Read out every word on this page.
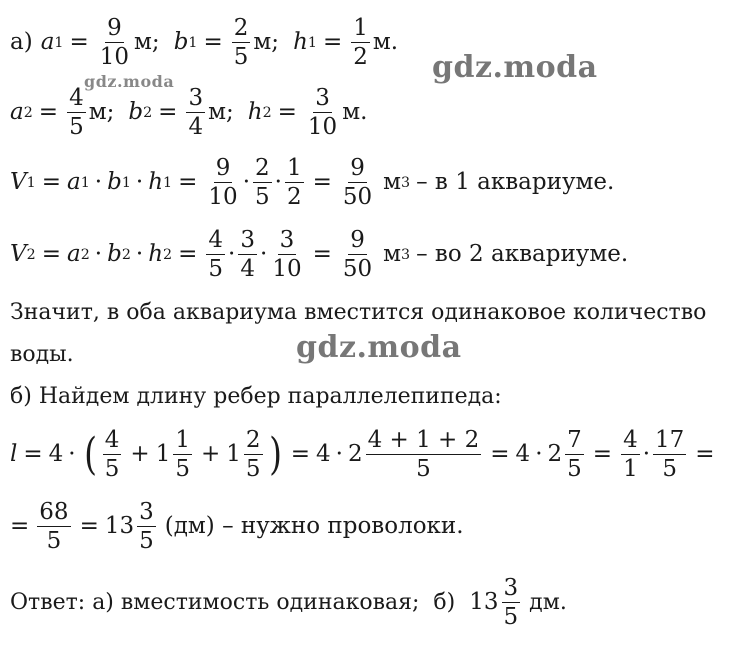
gdz.moda
gdz.moda
gdz.moda
а) a $1 = \frac{9}{10} м$; b $1 = \frac{2}{5} м$; h $1 = \frac{1}{2} м$.
a $2 = \frac{4}{5} м$; b $2 = \frac{3}{4} м$; h $2 = \frac{3}{10} м$.
V 1 = a 1 · b 1 · h $1 = \frac{9}{10} \cdot \frac{2}{5} \cdot \frac{1}{2} = \frac{9}{50}$ м 3 – в 1 аквариуме.
V 2 = a 2 · b 2 · h $2 = \frac{4}{5} \cdot \frac{3}{4} \cdot \frac{3}{10} = \frac{9}{50}$ м 3 – во 2 аквариуме.
Значит, в оба аквариума вместится одинаковое количество
воды.
б) Найдем длину ребер параллелепипеда:
l = 4 · ( $\frac{4}{5} + 1 \frac{1}{5} + 1 \frac{2}{5}$ ) = $4 \cdot 2 \frac{4 + 1 + 2}{5} = 4 \cdot 2 \frac{7}{5} = \frac{4}{1} \cdot \frac{17}{5}$ =
= $\frac{68}{5} = 13 \frac{3}{5} (дм)$ – нужно проволоки.
Ответ: а) вместимость одинаковая; б) $13 \frac{3}{5}$ дм.
